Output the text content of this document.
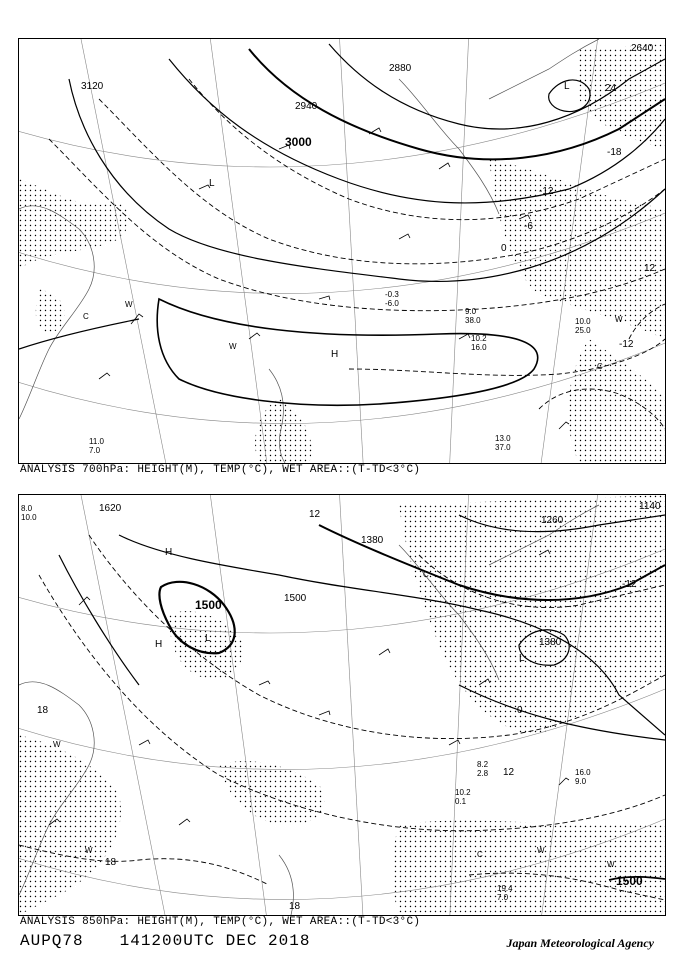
3120
3000
2940
2880
2640
-18
-12
-6
0
12
-12
24
L
L
H
W
W
W
C
C
13.0
37.0
10.2
16.0
10.0
25.0
9.0
38.0
11.0
7.0
-0.3
-6.0
ANALYSIS 700hPa: HEIGHT(M), TEMP(°C), WET AREA::(T-TD<3°C)
1620
1500	1500
1380
1260
1140
1380
1500
18
18
12
-12
0
12
18
H
H
L
L
W
W	W
W
C
C
19.4
7.0
16.0
9.0
10.2
0.1
8.2
2.8
8.0
10.0
ANALYSIS 850hPa: HEIGHT(M), TEMP(°C), WET AREA::(T-TD<3°C)
AUPQ78 141200UTC DEC 2018	Japan Meteorological Agency
